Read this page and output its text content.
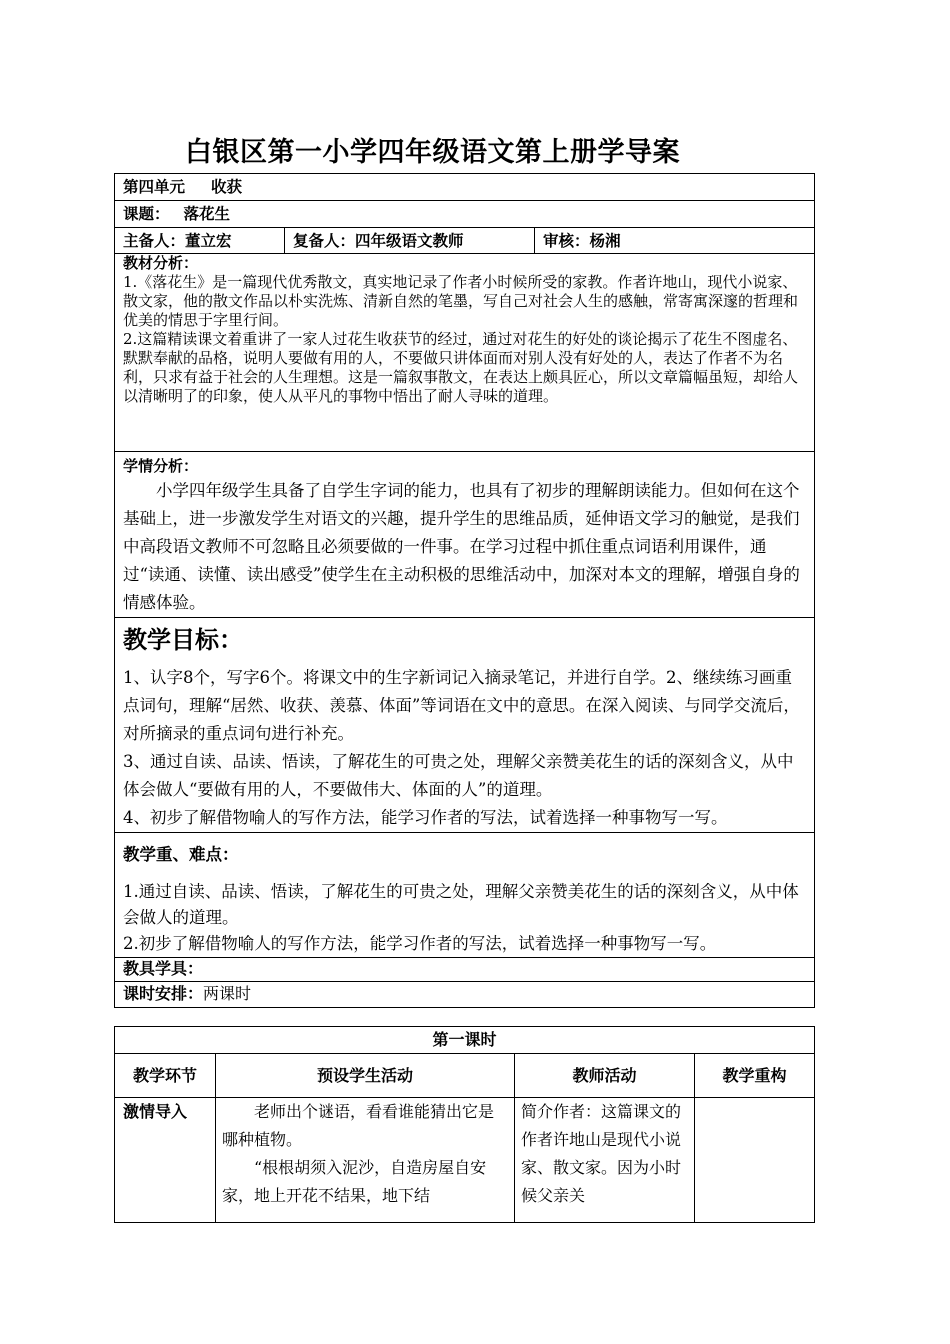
白银区第一小学四年级语文第上册学导案
第四单元 收获
课题： 落花生
主备人：董立宏	复备人：四年级语文教师	审核：杨湘

教材分析：

1.《落花生》是一篇现代优秀散文，真实地记录了作者小时候所受的家教。作者许地山，现代小说家、散文家，他的散文作品以朴实洗炼、清新自然的笔墨，写自己对社会人生的感触，常寄寓深邃的哲理和优美的情思于字里行间。

2.这篇精读课文着重讲了一家人过花生收获节的经过，通过对花生的好处的谈论揭示了花生不图虚名、默默奉献的品格，说明人要做有用的人，不要做只讲体面而对别人没有好处的人，表达了作者不为名利，只求有益于社会的人生理想。这是一篇叙事散文，在表达上颇具匠心，所以文章篇幅虽短，却给人以清晰明了的印象，使人从平凡的事物中悟出了耐人寻味的道理。

学情分析：

小学四年级学生具备了自学生字词的能力，也具有了初步的理解朗读能力。但如何在这个基础上，进一步激发学生对语文的兴趣，提升学生的思维品质，延伸语文学习的触觉，是我们中高段语文教师不可忽略且必须要做的一件事。在学习过程中抓住重点词语利用课件，通过“读通、读懂、读出感受”使学生在主动积极的思维活动中，加深对本文的理解，增强自身的情感体验。

教学目标：

1、认字8个，写字6个。将课文中的生字新词记入摘录笔记，并进行自学。2、继续练习画重点词句，理解“居然、收获、羡慕、体面”等词语在文中的意思。在深入阅读、与同学交流后，对所摘录的重点词句进行补充。

3、通过自读、品读、悟读，了解花生的可贵之处，理解父亲赞美花生的话的深刻含义，从中体会做人“要做有用的人，不要做伟大、体面的人”的道理。

4、初步了解借物喻人的写作方法，能学习作者的写法，试着选择一种事物写一写。

教学重、难点：

1.通过自读、品读、悟读，了解花生的可贵之处，理解父亲赞美花生的话的深刻含义，从中体会做人的道理。

2.初步了解借物喻人的写作方法，能学习作者的写法，试着选择一种事物写一写。

教具学具：
课时安排：两课时
第一课时			
教学环节	预设学生活动	教师活动	教学重构
激情导入	老师出个谜语，看看谁能猜出它是哪种植物。

“根根胡须入泥沙，自造房屋自安家，地上开花不结果，地下结	简介作者：这篇课文的作者许地山是现代小说家、散文家。因为小时候父亲关	
